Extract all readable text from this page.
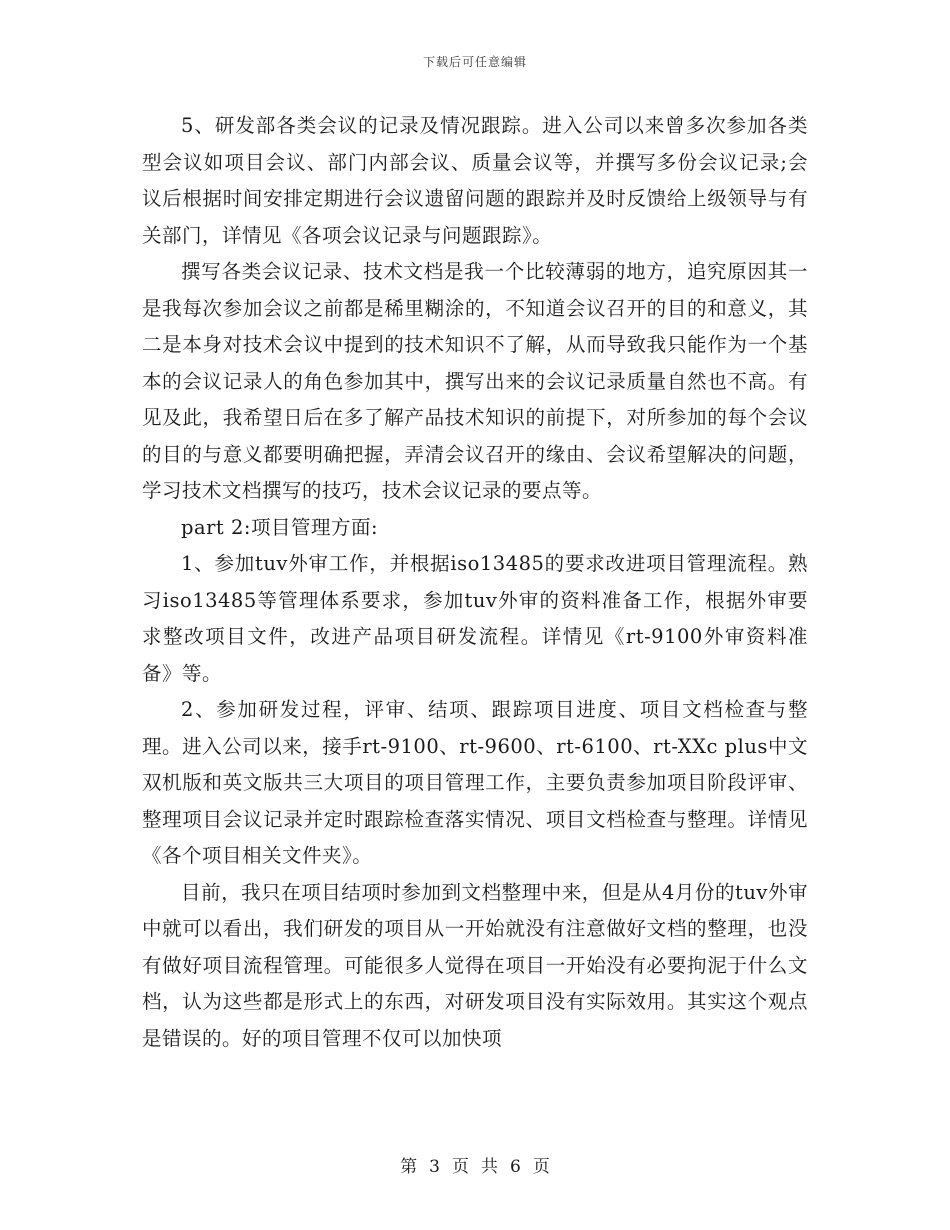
下载后可任意编辑

5、研发部各类会议的记录及情况跟踪。进入公司以来曾多次参加各类型会议如项目会议、部门内部会议、质量会议等，并撰写多份会议记录;会议后根据时间安排定期进行会议遗留问题的跟踪并及时反馈给上级领导与有关部门，详情见《各项会议记录与问题跟踪》。

撰写各类会议记录、技术文档是我一个比较薄弱的地方，追究原因其一是我每次参加会议之前都是稀里糊涂的，不知道会议召开的目的和意义，其二是本身对技术会议中提到的技术知识不了解，从而导致我只能作为一个基本的会议记录人的角色参加其中，撰写出来的会议记录质量自然也不高。有见及此，我希望日后在多了解产品技术知识的前提下，对所参加的每个会议的目的与意义都要明确把握，弄清会议召开的缘由、会议希望解决的问题，学习技术文档撰写的技巧，技术会议记录的要点等。

part 2:项目管理方面:

1、参加tuv外审工作，并根据iso13485的要求改进项目管理流程。熟习iso13485等管理体系要求，参加tuv外审的资料准备工作，根据外审要求整改项目文件，改进产品项目研发流程。详情见《rt-9100外审资料准备》等。

2、参加研发过程，评审、结项、跟踪项目进度、项目文档检查与整理。进入公司以来，接手rt-9100、rt-9600、rt-6100、rt-XXc plus中文双机版和英文版共三大项目的项目管理工作，主要负责参加项目阶段评审、整理项目会议记录并定时跟踪检查落实情况、项目文档检查与整理。详情见《各个项目相关文件夹》。

目前，我只在项目结项时参加到文档整理中来，但是从4月份的tuv外审中就可以看出，我们研发的项目从一开始就没有注意做好文档的整理，也没有做好项目流程管理。可能很多人觉得在项目一开始没有必要拘泥于什么文档，认为这些都是形式上的东西，对研发项目没有实际效用。其实这个观点是错误的。好的项目管理不仅可以加快项

第 3 页 共 6 页
